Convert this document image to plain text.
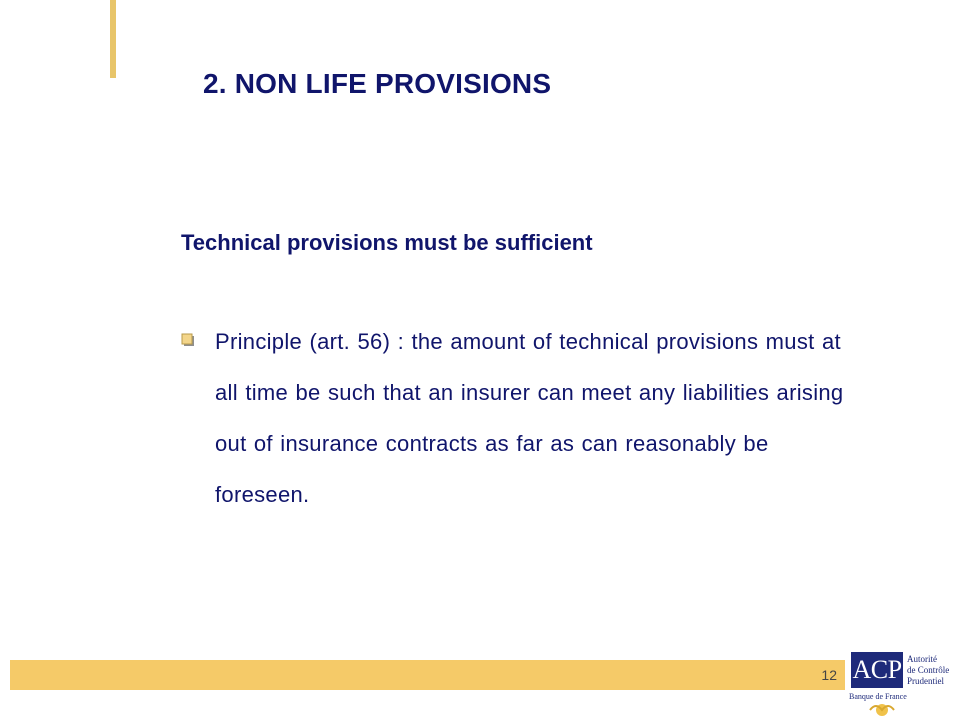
2. NON LIFE PROVISIONS
Technical provisions must be sufficient
Principle (art. 56) : the amount of technical provisions must at all time be such that an insurer can meet any liabilities arising out of insurance contracts as far as can reasonably be foreseen.
12 ACP Autorité
de Contrôle
Prudentiel
Banque de France
